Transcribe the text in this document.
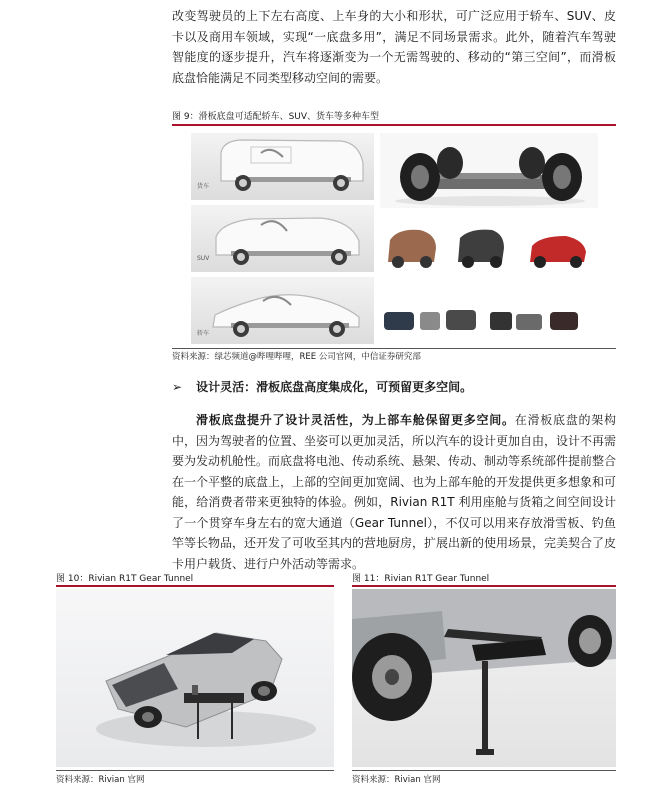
改变驾驶员的上下左右高度、上车身的大小和形状，可广泛应用于轿车、SUV、皮卡以及商用车领域，实现“一底盘多用”，满足不同场景需求。此外，随着汽车驾驶智能度的逐步提升，汽车将逐渐变为一个无需驾驶的、移动的“第三空间”，而滑板底盘恰能满足不同类型移动空间的需要。

图 9：滑板底盘可适配轿车、SUV、货车等多种车型
货车
SUV
轿车
资料来源：绿芯频道@哔哩哔哩，REE 公司官网，中信证券研究部
➢ 设计灵活：滑板底盘高度集成化，可预留更多空间。

滑板底盘提升了设计灵活性，为上部车舱保留更多空间。在滑板底盘的架构中，因为驾驶者的位置、坐姿可以更加灵活，所以汽车的设计更加自由，设计不再需要为发动机舱性。而底盘将电池、传动系统、悬架、传动、制动等系统部件提前整合在一个平整的底盘上，上部的空间更加宽阔、也为上部车舱的开发提供更多想象和可能，给消费者带来更独特的体验。例如，Rivian R1T 利用座舱与货箱之间空间设计了一个贯穿车身左右的宽大通道（Gear Tunnel），不仅可以用来存放滑雪板、钓鱼竿等长物品，还开发了可收至其内的营地厨房，扩展出新的使用场景，完美契合了皮卡用户载货、进行户外活动等需求。

图 10：Rivian R1T Gear Tunnel
资料来源：Rivian 官网
图 11：Rivian R1T Gear Tunnel
资料来源：Rivian 官网
